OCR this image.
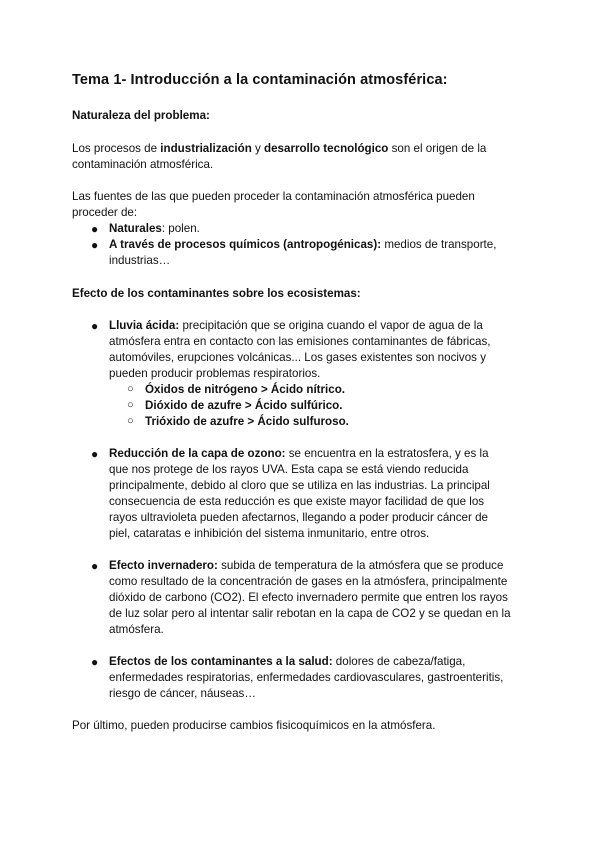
Tema 1- Introducción a la contaminación atmosférica:
Naturaleza del problema:
Los procesos de industrialización y desarrollo tecnológico son el origen de la contaminación atmosférica.
Las fuentes de las que pueden proceder la contaminación atmosférica pueden proceder de:
● Naturales: polen.
● A través de procesos químicos (antropogénicas): medios de transporte, industrias…
Efecto de los contaminantes sobre los ecosistemas:
● Lluvia ácida: precipitación que se origina cuando el vapor de agua de la atmósfera entra en contacto con las emisiones contaminantes de fábricas, automóviles, erupciones volcánicas... Los gases existentes son nocivos y pueden producir problemas respiratorios.
○ Óxidos de nitrógeno > Ácido nítrico.
○ Dióxido de azufre > Ácido sulfúrico.
○ Trióxido de azufre > Ácido sulfuroso.
● Reducción de la capa de ozono: se encuentra en la estratosfera, y es la que nos protege de los rayos UVA. Esta capa se está viendo reducida principalmente, debido al cloro que se utiliza en las industrias. La principal consecuencia de esta reducción es que existe mayor facilidad de que los rayos ultravioleta pueden afectarnos, llegando a poder producir cáncer de piel, cataratas e inhibición del sistema inmunitario, entre otros.
● Efecto invernadero: subida de temperatura de la atmósfera que se produce como resultado de la concentración de gases en la atmósfera, principalmente dióxido de carbono (CO2). El efecto invernadero permite que entren los rayos de luz solar pero al intentar salir rebotan en la capa de CO2 y se quedan en la atmósfera.
● Efectos de los contaminantes a la salud: dolores de cabeza/fatiga, enfermedades respiratorias, enfermedades cardiovasculares, gastroenteritis, riesgo de cáncer, náuseas…
Por último, pueden producirse cambios fisicoquímicos en la atmósfera.
